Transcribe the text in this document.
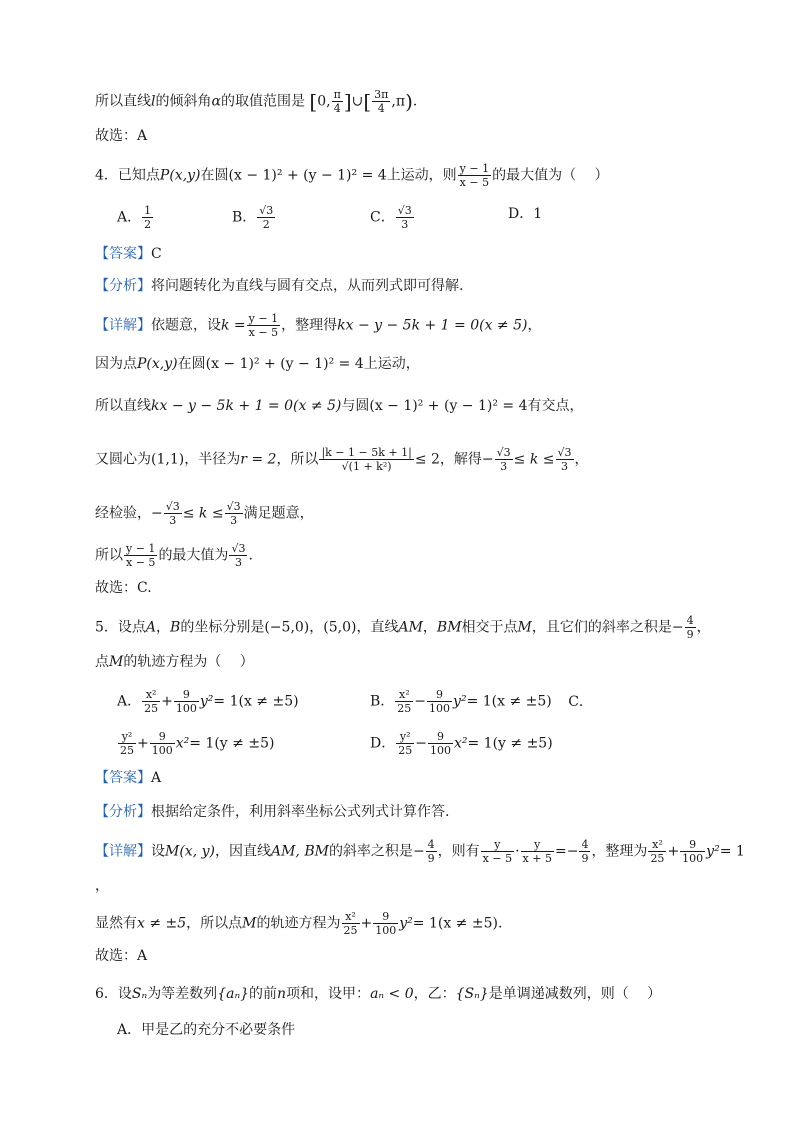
所以直线l的倾斜角α的取值范围是 [0, $\frac{\pi}{4}$ ]∪[ $\frac{3\pi}{4} ,\pi$).
故选：A
4．已知点P(x,y)在圆(x − 1)² + (y − 1)² = 4上运动，则 $\frac{y - 1}{x - 5}$ 的最大值为（　 ）
A． $\frac{1}{2}$	B． $\frac{√3}{2}$	C． $\frac{√3}{3}$	D．1
【答案】C
【分析】将问题转化为直线与圆有交点，从而列式即可得解.
【详解】依题意，设$k = \frac{y - 1}{x - 5}$ ，整理得kx − y − 5k + 1 = 0(x ≠ 5)，
因为点P(x,y)在圆(x − 1)² + (y − 1)² = 4上运动，
所以直线kx − y − 5k + 1 = 0(x ≠ 5)与圆(x − 1)² + (y − 1)² = 4有交点，
又圆心为(1,1)，半径为r = 2，所以 $\frac{|k - 1 - 5k + 1|}{\text{√(1 + k²)}} \le 2$，解得− $\frac{√3}{3} \le k \le \frac{√3}{3}$ ，
经检验，− $\frac{√3}{3} \le k \le \frac{√3}{3}$ 满足题意，
所以 $\frac{y - 1}{x - 5}$ 的最大值为 $\frac{√3}{3}$ .
故选：C.
5．设点A，B的坐标分别是(−5,0)，(5,0)，直线AM，BM相交于点M，且它们的斜率之积是− $\frac{4}{9}$ ，
点M的轨迹方程为（　 ）
A． $\frac{\text{x²}}{25} + \frac{9}{100} y^2= 1(x \ne \pm 5)$	B． $\frac{\text{x²}}{25} - \frac{9}{100} y^2= 1(x \ne \pm 5)$ C．
$\frac{\text{y²}}{25} + \frac{9}{100} x^2= 1(y \ne \pm 5)$	D． $\frac{\text{y²}}{25} - \frac{9}{100} x^2= 1(y \ne \pm 5)$
【答案】A
【分析】根据给定条件，利用斜率坐标公式列式计算作答.
【详解】设M(x, y)，因直线AM, BM的斜率之积是− $\frac{4}{9}$ ，则有 $\frac{y}{x - 5} \cdot \frac{y}{x + 5} =- \frac{4}{9}$ ，整理为 $\frac{\text{x²}}{25} + \frac{9}{100} y^2= 1$
，
显然有x ≠ ±5，所以点M的轨迹方程为 $\frac{\text{x²}}{25} + \frac{9}{100} y^2= 1(x \ne \pm 5)$.
故选：A
6．设Sₙ为等差数列{aₙ}的前n项和，设甲：aₙ < 0，乙：{Sₙ}是单调递减数列，则（　 ）
A．甲是乙的充分不必要条件
